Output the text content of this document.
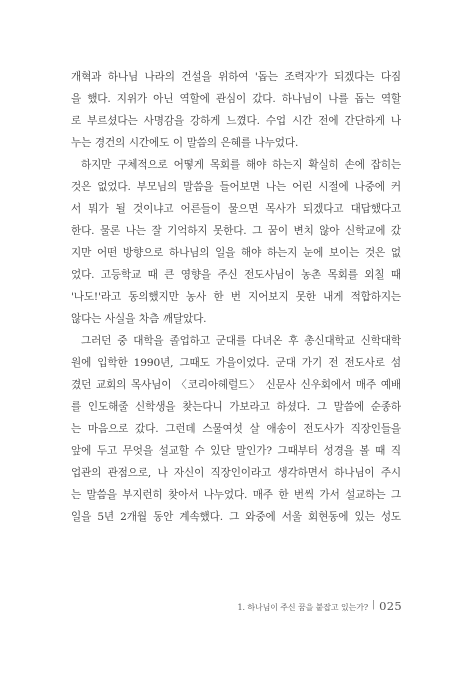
개혁과 하나님 나라의 건설을 위하여 '돕는 조력자'가 되겠다는 다짐
을 했다. 지위가 아닌 역할에 관심이 갔다. 하나님이 나를 돕는 역할
로 부르셨다는 사명감을 강하게 느꼈다. 수업 시간 전에 간단하게 나
누는 경건의 시간에도 이 말씀의 은혜를 나누었다.
하지만 구체적으로 어떻게 목회를 해야 하는지 확실히 손에 잡히는
것은 없었다. 부모님의 말씀을 들어보면 나는 어린 시절에 나중에 커
서 뭐가 될 것이냐고 어른들이 물으면 목사가 되겠다고 대답했다고
한다. 물론 나는 잘 기억하지 못한다. 그 꿈이 변치 않아 신학교에 갔
지만 어떤 방향으로 하나님의 일을 해야 하는지 눈에 보이는 것은 없
었다. 고등학교 때 큰 영향을 주신 전도사님이 농촌 목회를 외칠 때
'나도!'라고 동의했지만 농사 한 번 지어보지 못한 내게 적합하지는
않다는 사실을 차츰 깨달았다.
그러던 중 대학을 졸업하고 군대를 다녀온 후 총신대학교 신학대학
원에 입학한 1990년, 그때도 가을이었다. 군대 가기 전 전도사로 섬
겼던 교회의 목사님이 〈코리아헤럴드〉 신문사 신우회에서 매주 예배
를 인도해줄 신학생을 찾는다니 가보라고 하셨다. 그 말씀에 순종하
는 마음으로 갔다. 그런데 스물여섯 살 애송이 전도사가 직장인들을
앞에 두고 무엇을 설교할 수 있단 말인가? 그때부터 성경을 볼 때 직
업관의 관점으로, 나 자신이 직장인이라고 생각하면서 하나님이 주시
는 말씀을 부지런히 찾아서 나누었다. 매주 한 번씩 가서 설교하는 그
일을 5년 2개월 동안 계속했다. 그 와중에 서울 회현동에 있는 성도
1. 하나님이 주신 꿈을 붙잡고 있는가? | 025
